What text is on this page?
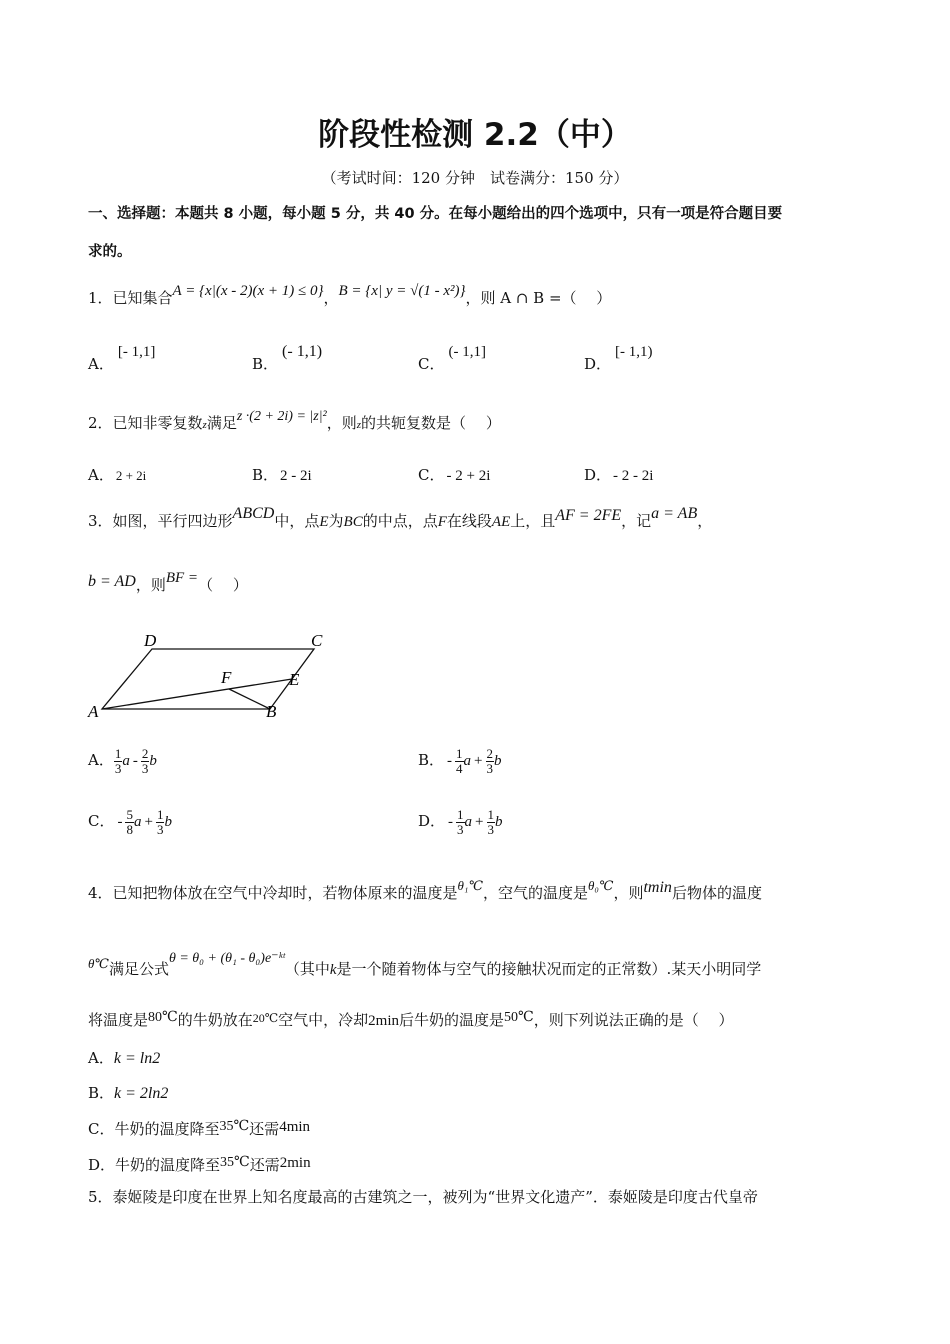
阶段性检测 2.2（中）
（考试时间：120 分钟　试卷满分：150 分）
一、选择题：本题共 8 小题，每小题 5 分，共 40 分。在每小题给出的四个选项中，只有一项是符合题目要
求的。
1．已知集合A = {x|(x - 2)(x + 1) ≤ 0}，B = {x| y = √(1 - x²)}，则 A ∩ B =（　 ）
A．[- 1,1]
B．(- 1,1)
C．(- 1,1]
D．[- 1,1)
2．已知非零复数z满足z ·(2 + 2i) = |z|²，则z的共轭复数是（　 ）
A． 2 + 2i	B． 2 - 2i	C． - 2 + 2i	D． - 2 - 2i
3．如图，平行四边形ABCD中，点E为BC的中点，点F在线段AE上，且AF = 2FE，记a = AB，
b = AD，则BF =（　 ）
A	B
C
D
E
F
A． $\frac{1}{3}$ a - $\frac{2}{3}$ b	B． - $\frac{1}{4}$ $a + \frac{2}{3}$ b
C． - $\frac{5}{8}$ $a + \frac{1}{3}$ b	D． - $\frac{1}{3}$ $a + \frac{1}{3}$ b
4．已知把物体放在空气中冷却时，若物体原来的温度是θ₁℃，空气的温度是θ₀℃，则tmin后物体的温度
θ℃满足公式θ = θ₀ + (θ₁ - θ₀)e⁻ᵏᵗ（其中k是一个随着物体与空气的接触状况而定的正常数）.某天小明同学
将温度是80℃的牛奶放在$^{20℃}$空气中，冷却2min后牛奶的温度是50℃，则下列说法正确的是（　 ）
A．k = ln2
B．k = 2ln2
C．牛奶的温度降至35℃还需4min
D．牛奶的温度降至35℃还需2min
5．泰姬陵是印度在世界上知名度最高的古建筑之一，被列为“世界文化遗产”．泰姬陵是印度古代皇帝
